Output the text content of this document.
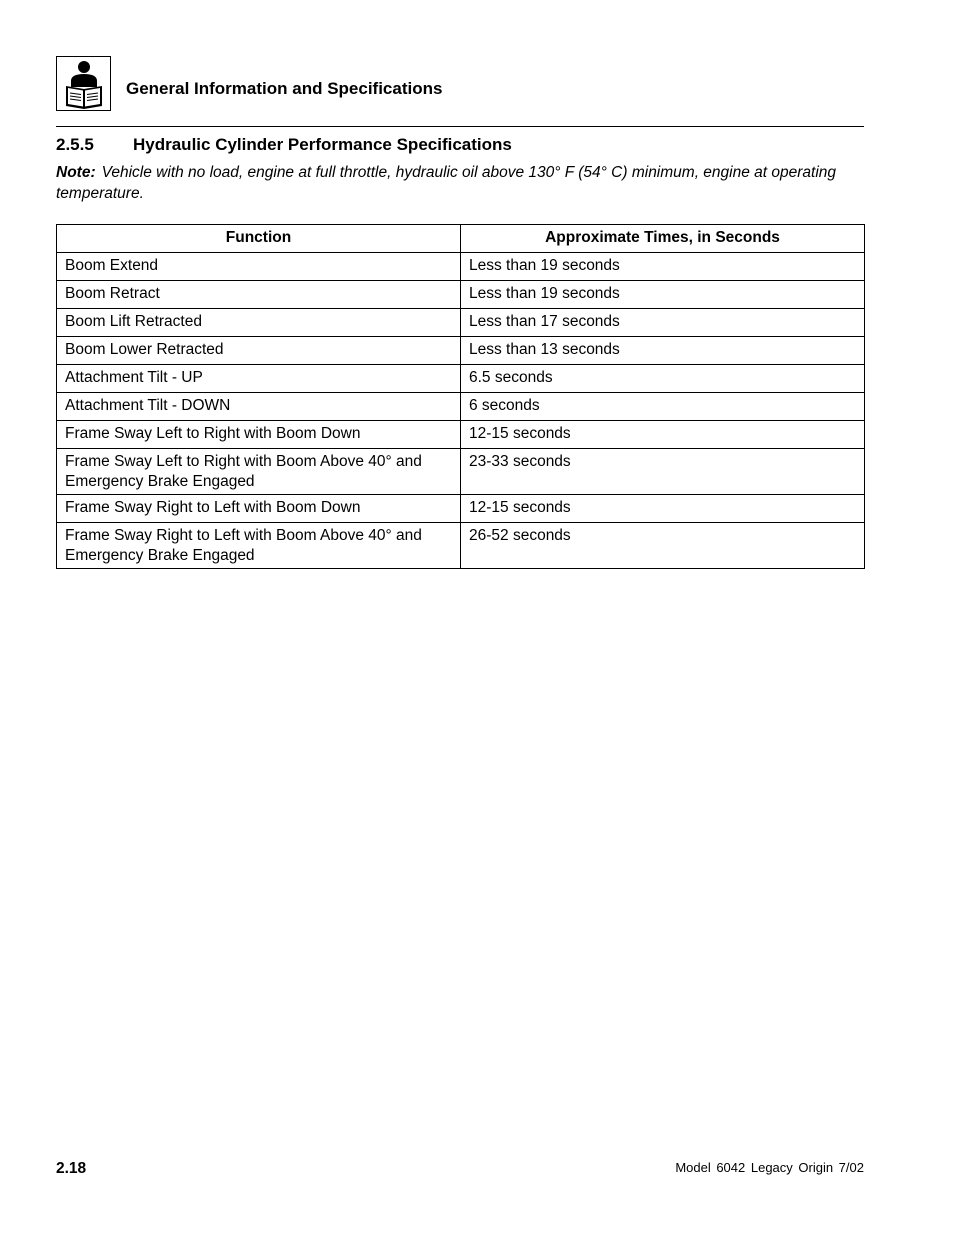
General Information and Specifications
2.5.5 Hydraulic Cylinder Performance Specifications
Note: Vehicle with no load, engine at full throttle, hydraulic oil above 130° F (54° C) minimum, engine at operating temperature.
Function	Approximate Times, in Seconds
Boom Extend	Less than 19 seconds
Boom Retract	Less than 19 seconds
Boom Lift Retracted	Less than 17 seconds
Boom Lower Retracted	Less than 13 seconds
Attachment Tilt - UP	6.5 seconds
Attachment Tilt - DOWN	6 seconds
Frame Sway Left to Right with Boom Down	12-15 seconds
Frame Sway Left to Right with Boom Above 40° and Emergency Brake Engaged	23-33 seconds
Frame Sway Right to Left with Boom Down	12-15 seconds
Frame Sway Right to Left with Boom Above 40° and Emergency Brake Engaged	26-52 seconds
2.18	Model 6042 Legacy Origin 7/02
